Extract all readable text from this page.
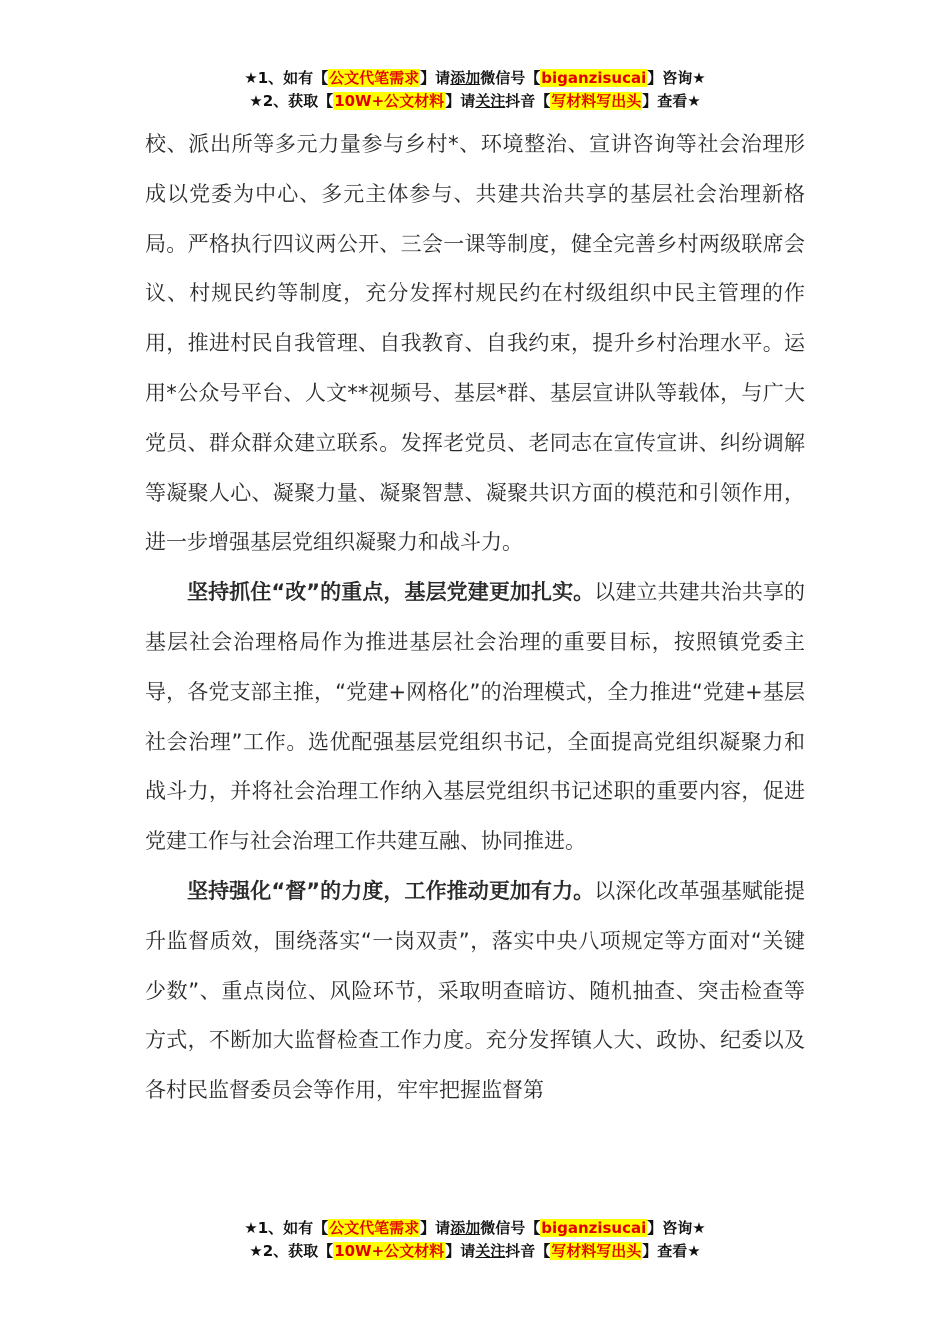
★1、如有【公文代笔需求】请添加微信号【biganzisucai】咨询★
★2、获取【10W+公文材料】请关注抖音【写材料写出头】查看★

校、派出所等多元力量参与乡村*、环境整治、宣讲咨询等社会治理形成以党委为中心、多元主体参与、共建共治共享的基层社会治理新格局。严格执行四议两公开、三会一课等制度，健全完善乡村两级联席会议、村规民约等制度，充分发挥村规民约在村级组织中民主管理的作用，推进村民自我管理、自我教育、自我约束，提升乡村治理水平。运用*公众号平台、人文**视频号、基层*群、基层宣讲队等载体，与广大党员、群众群众建立联系。发挥老党员、老同志在宣传宣讲、纠纷调解等凝聚人心、凝聚力量、凝聚智慧、凝聚共识方面的模范和引领作用，进一步增强基层党组织凝聚力和战斗力。

坚持抓住“改”的重点，基层党建更加扎实。以建立共建共治共享的基层社会治理格局作为推进基层社会治理的重要目标，按照镇党委主导，各党支部主推，“党建+网格化”的治理模式，全力推进“党建+基层社会治理”工作。选优配强基层党组织书记，全面提高党组织凝聚力和战斗力，并将社会治理工作纳入基层党组织书记述职的重要内容，促进党建工作与社会治理工作共建互融、协同推进。

坚持强化“督”的力度，工作推动更加有力。以深化改革强基赋能提升监督质效，围绕落实“一岗双责”，落实中央八项规定等方面对“关键少数”、重点岗位、风险环节，采取明查暗访、随机抽查、突击检查等方式，不断加大监督检查工作力度。充分发挥镇人大、政协、纪委以及各村民监督委员会等作用，牢牢把握监督第

★1、如有【公文代笔需求】请添加微信号【biganzisucai】咨询★
★2、获取【10W+公文材料】请关注抖音【写材料写出头】查看★
